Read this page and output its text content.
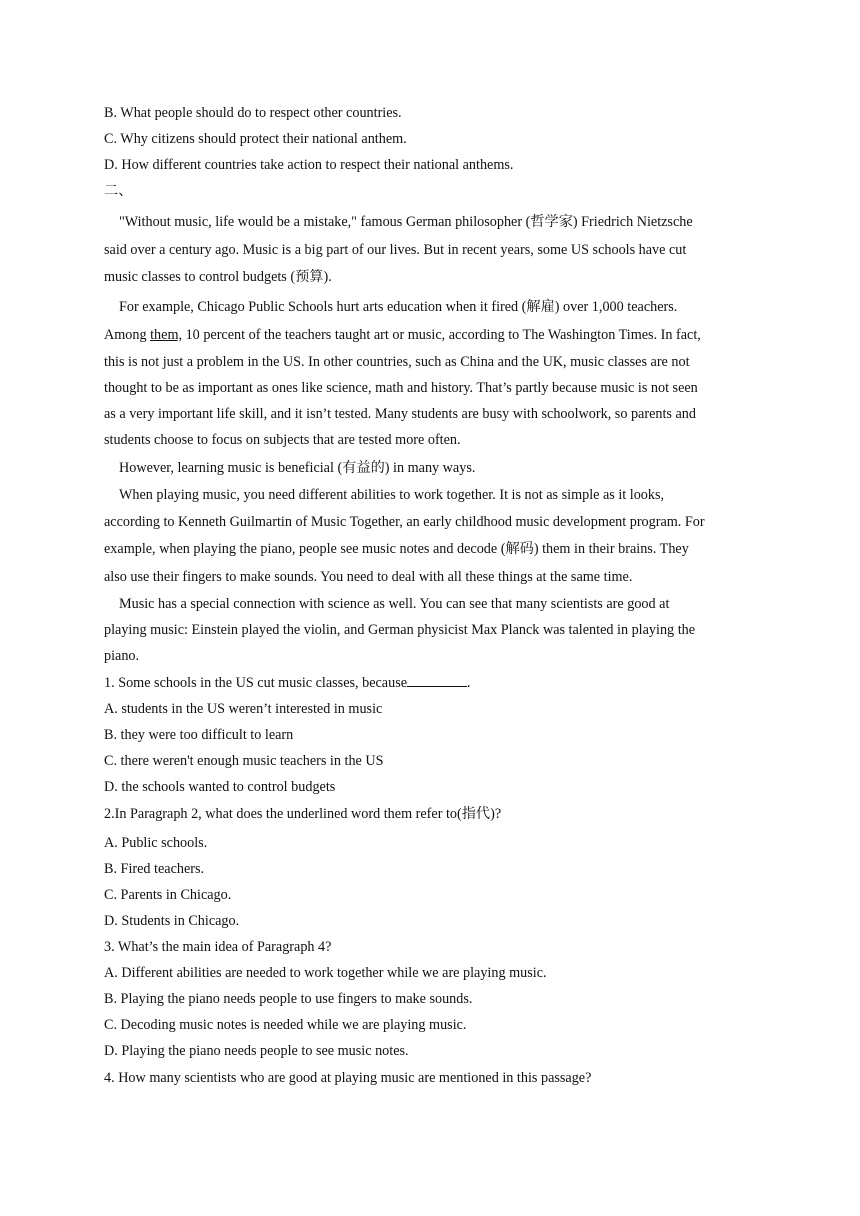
B. What people should do to respect other countries.
C. Why citizens should protect their national anthem.
D. How different countries take action to respect their national anthems.
二、
"Without music, life would be a mistake," famous German philosopher (哲学家) Friedrich Nietzsche
said over a century ago. Music is a big part of our lives. But in recent years, some US schools have cut
music classes to control budgets (预算).
For example, Chicago Public Schools hurt arts education when it fired (解雇) over 1,000 teachers.
Among them, 10 percent of the teachers taught art or music, according to The Washington Times. In fact,
this is not just a problem in the US. In other countries, such as China and the UK, music classes are not
thought to be as important as ones like science, math and history. That’s partly because music is not seen
as a very important life skill, and it isn’t tested. Many students are busy with schoolwork, so parents and
students choose to focus on subjects that are tested more often.
However, learning music is beneficial (有益的) in many ways.
When playing music, you need different abilities to work together. It is not as simple as it looks,
according to Kenneth Guilmartin of Music Together, an early childhood music development program. For
example, when playing the piano, people see music notes and decode (解码) them in their brains. They
also use their fingers to make sounds. You need to deal with all these things at the same time.
Music has a special connection with science as well. You can see that many scientists are good at
playing music: Einstein played the violin, and German physicist Max Planck was talented in playing the
piano.
1. Some schools in the US cut music classes, because	.
A. students in the US weren’t interested in music
B. they were too difficult to learn
C. there weren't enough music teachers in the US
D. the schools wanted to control budgets
2.In Paragraph 2, what does the underlined word them refer to(指代)?
A. Public schools.
B. Fired teachers.
C. Parents in Chicago.
D. Students in Chicago.
3. What’s the main idea of Paragraph 4?
A. Different abilities are needed to work together while we are playing music.
B. Playing the piano needs people to use fingers to make sounds.
C. Decoding music notes is needed while we are playing music.
D. Playing the piano needs people to see music notes.
4. How many scientists who are good at playing music are mentioned in this passage?
